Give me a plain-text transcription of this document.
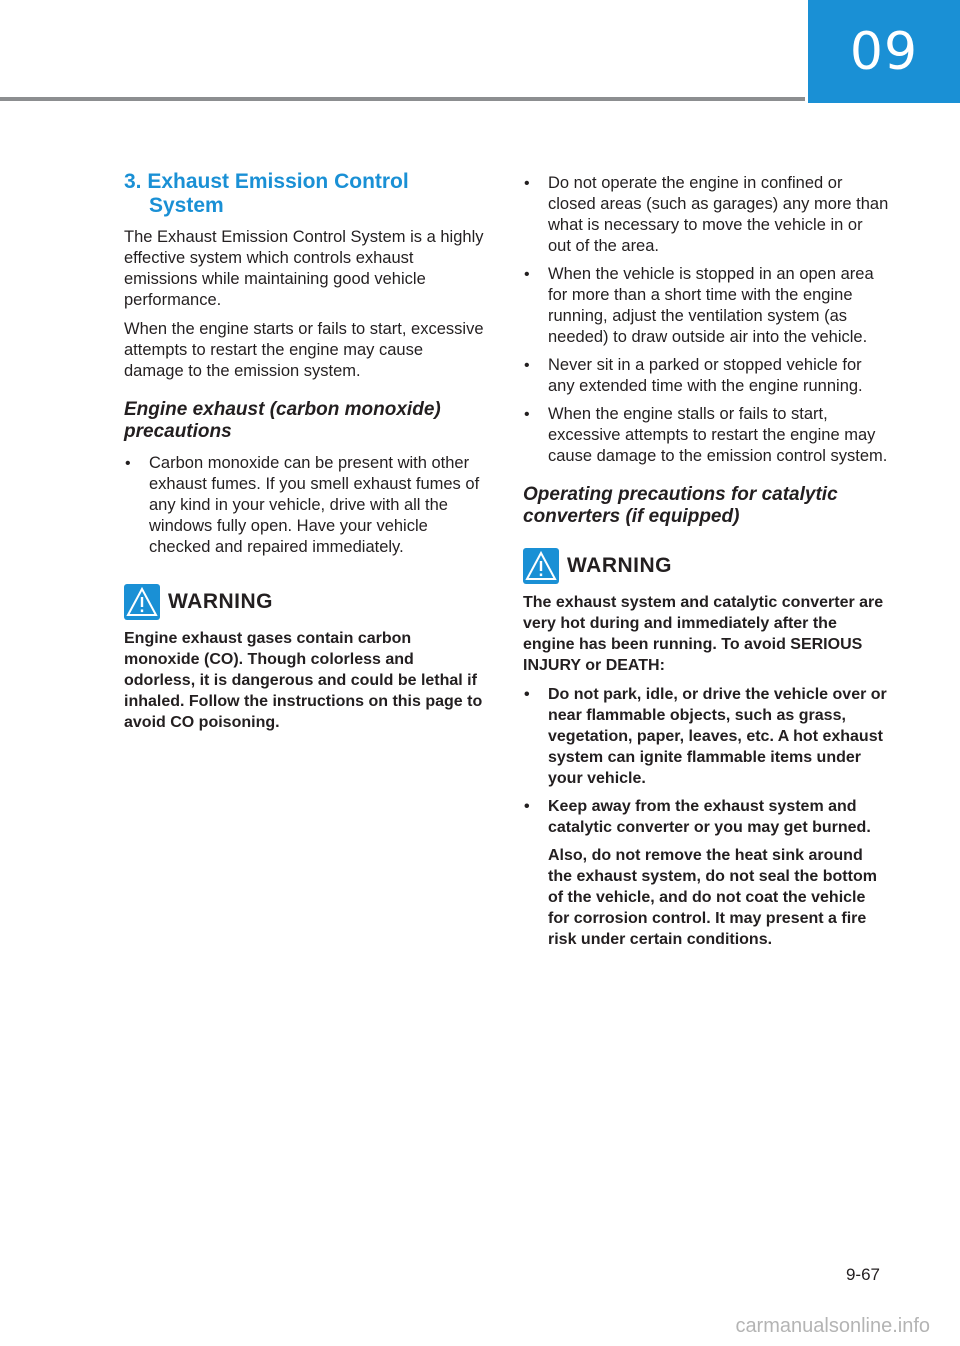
09
3. Exhaust Emission Control System

The Exhaust Emission Control System is a highly effective system which controls exhaust emissions while maintaining good vehicle performance.

When the engine starts or fails to start, excessive attempts to restart the engine may cause damage to the emission system.

Engine exhaust (carbon monoxide) precautions
• Carbon monoxide can be present with other exhaust fumes. If you smell exhaust fumes of any kind in your vehicle, drive with all the windows fully open. Have your vehicle checked and repaired immediately.
WARNING

Engine exhaust gases contain carbon monoxide (CO). Though colorless and odorless, it is dangerous and could be lethal if inhaled. Follow the instructions on this page to avoid CO poisoning.

• Do not operate the engine in confined or closed areas (such as garages) any more than what is necessary to move the vehicle in or out of the area.
• When the vehicle is stopped in an open area for more than a short time with the engine running, adjust the ventilation system (as needed) to draw outside air into the vehicle.
• Never sit in a parked or stopped vehicle for any extended time with the engine running.
• When the engine stalls or fails to start, excessive attempts to restart the engine may cause damage to the emission control system.
Operating precautions for catalytic converters (if equipped)
WARNING

The exhaust system and catalytic converter are very hot during and immediately after the engine has been running. To avoid SERIOUS INJURY or DEATH:

• Do not park, idle, or drive the vehicle over or near flammable objects, such as grass, vegetation, paper, leaves, etc. A hot exhaust system can ignite flammable items under your vehicle.
• Keep away from the exhaust system and catalytic converter or you may get burned.
Also, do not remove the heat sink around the exhaust system, do not seal the bottom of the vehicle, and do not coat the vehicle for corrosion control. It may present a fire risk under certain conditions.
9-67
carmanualsonline.info
